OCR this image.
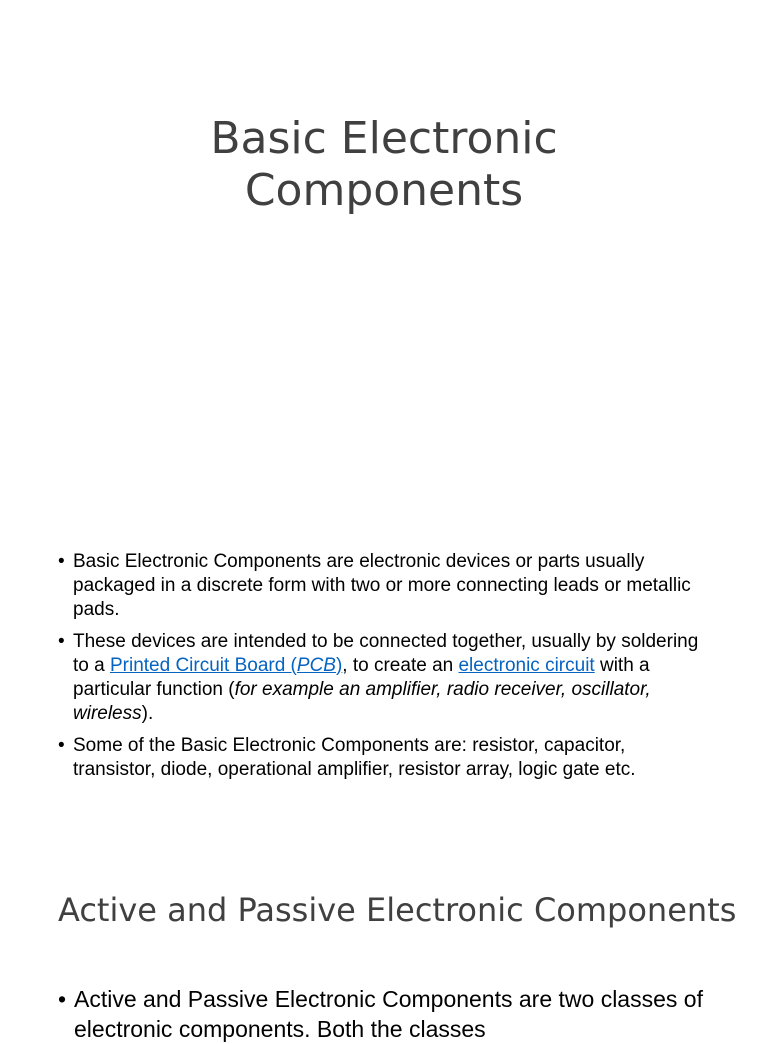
Basic Electronic
Components
• Basic Electronic Components are electronic devices or parts usually packaged in a discrete form with two or more connecting leads or metallic pads.
• These devices are intended to be connected together, usually by soldering to a Printed Circuit Board (PCB), to create an electronic circuit with a particular function (for example an amplifier, radio receiver, oscillator, wireless).
• Some of the Basic Electronic Components are: resistor, capacitor, transistor, diode, operational amplifier, resistor array, logic gate etc.
Active and Passive Electronic Components
• Active and Passive Electronic Components are two classes of electronic components. Both the classes
